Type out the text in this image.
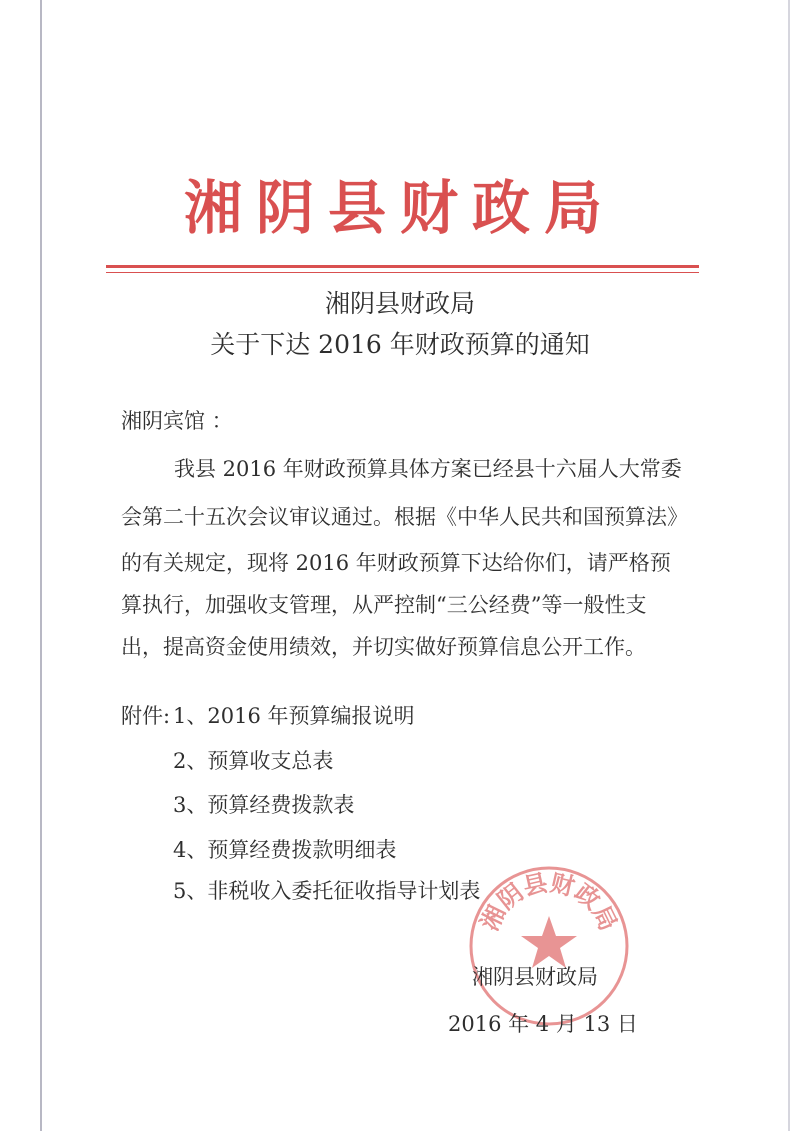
湘阴县财政局
湘阴县财政局
关于下达 2016 年财政预算的通知
湘阴宾馆 ：
我县 2016 年财政预算具体方案已经县十六届人大常委
会第二十五次会议审议通过。根据《中华人民共和国预算法》
的有关规定，现将 2016 年财政预算下达给你们，请严格预
算执行，加强收支管理，从严控制“三公经费”等一般性支
出，提高资金使用绩效，并切实做好预算信息公开工作。
附件: 1、2016 年预算编报说明
2、预算收支总表
3、预算经费拨款表
4、预算经费拨款明细表
5、非税收入委托征收指导计划表
湘阴县财政局
湘阴县财政局
2016 年 4 月 13 日
